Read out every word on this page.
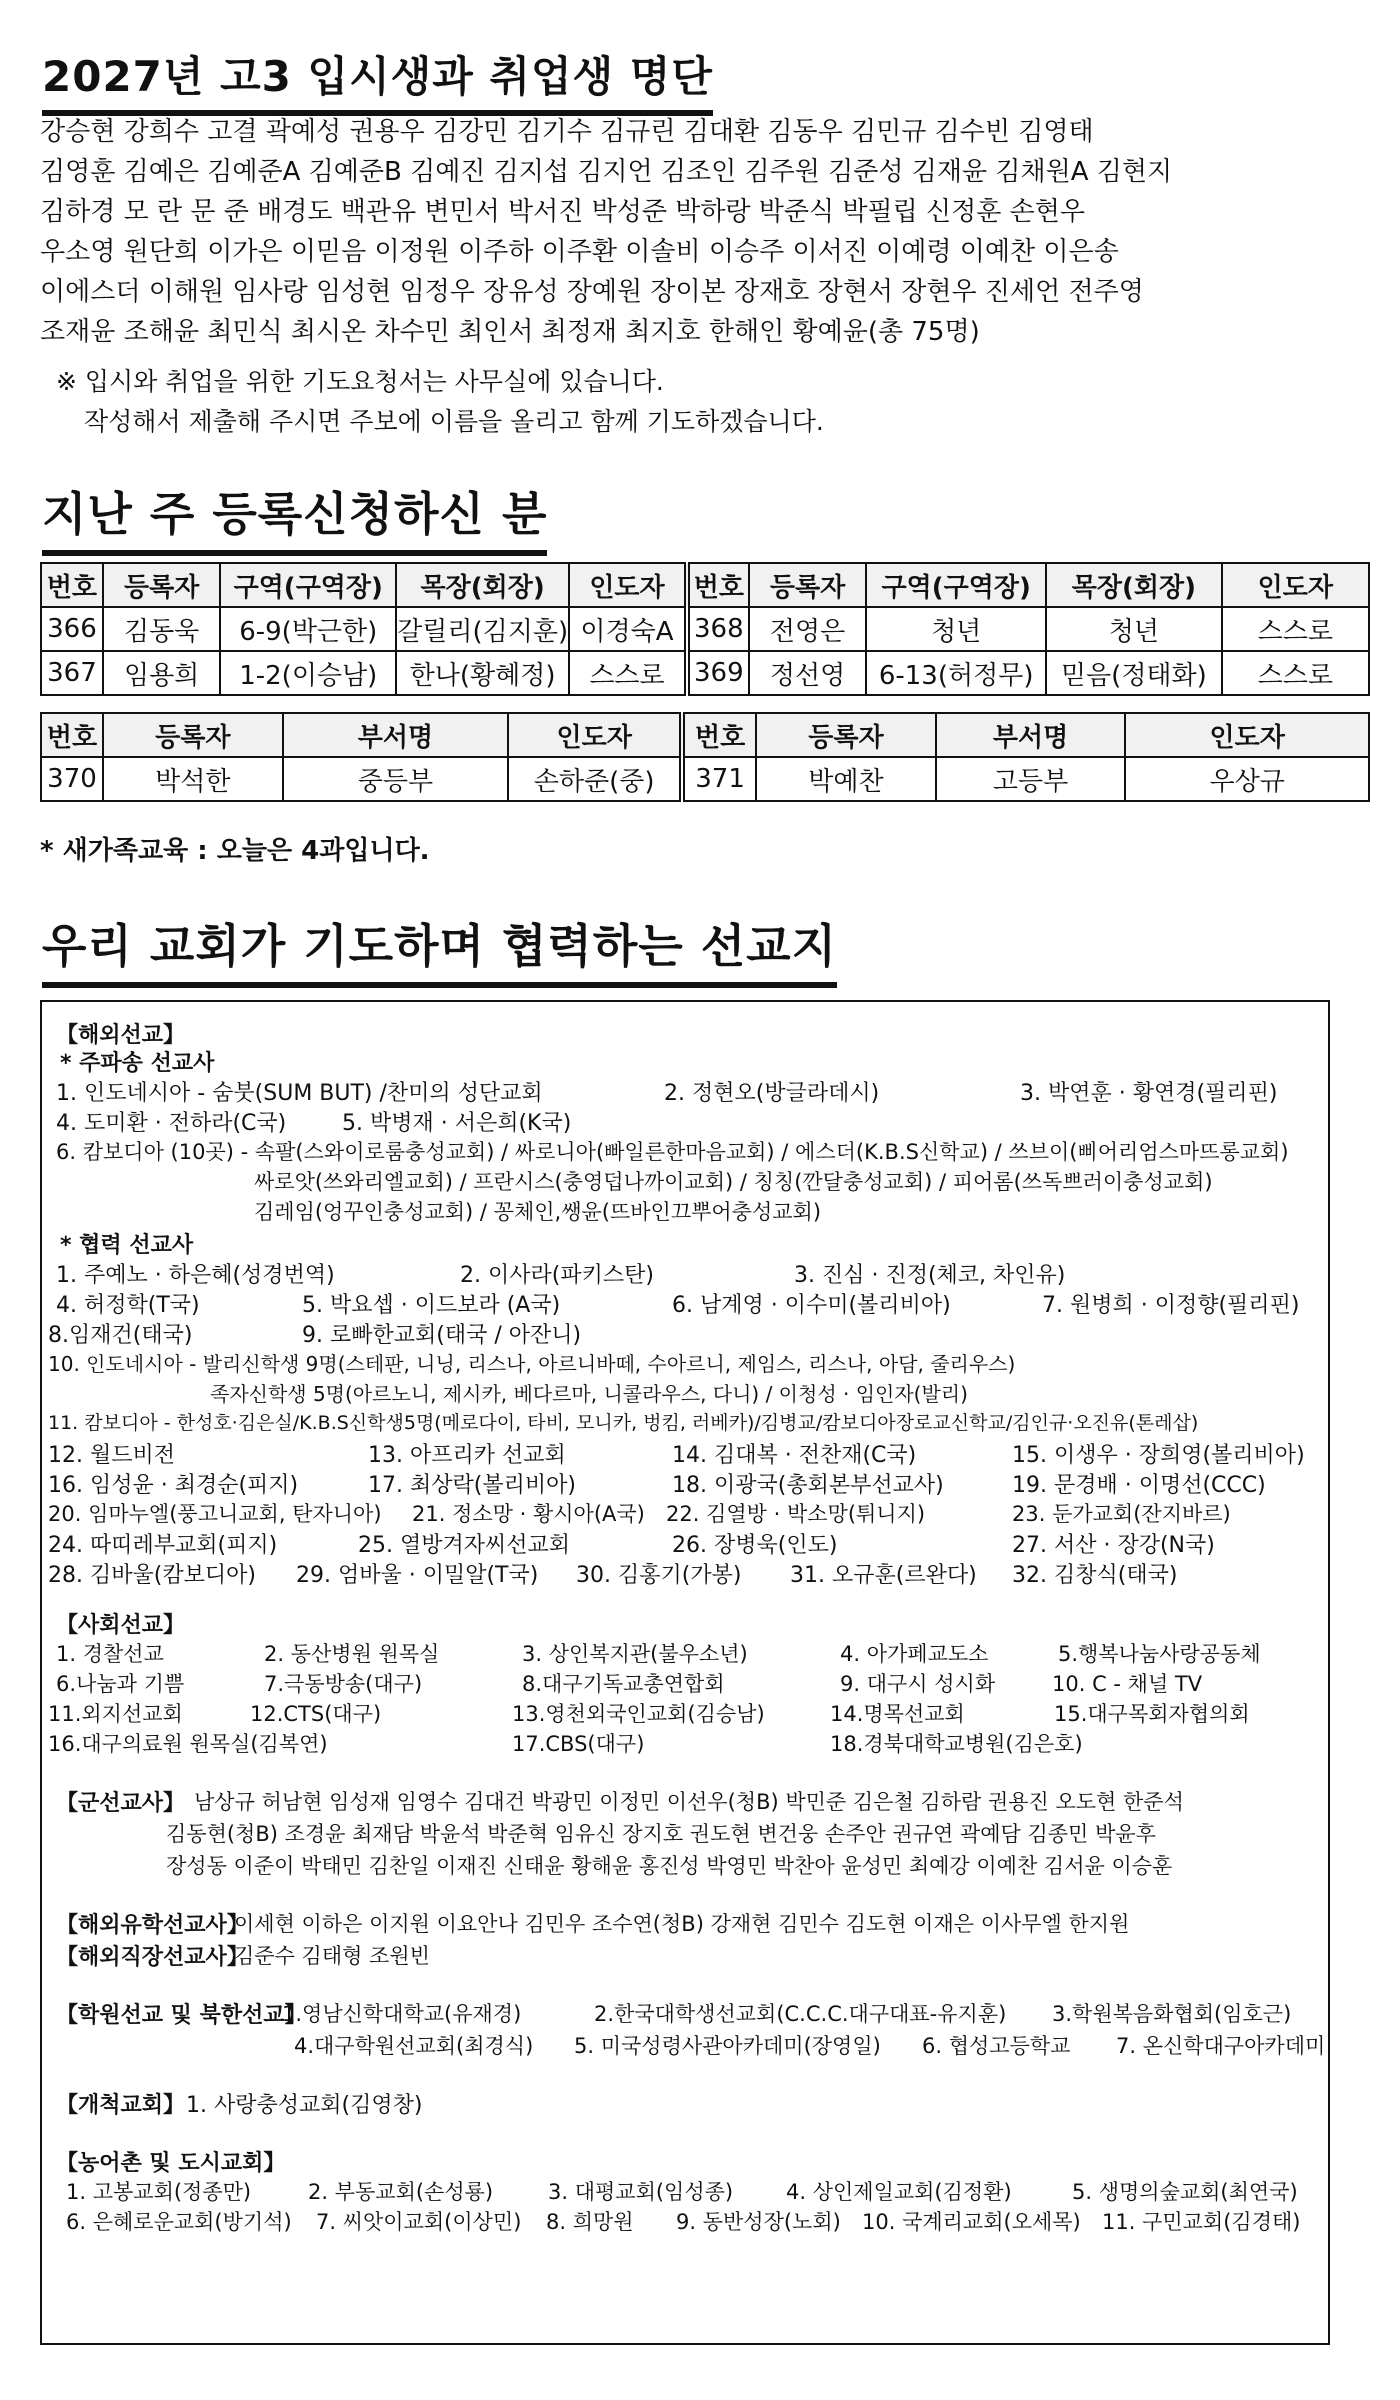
2027년 고3 입시생과 취업생 명단
강승현 강희수 고결 곽예성 권용우 김강민 김기수 김규린 김대환 김동우 김민규 김수빈 김영태
김영훈 김예은 김예준A 김예준B 김예진 김지섭 김지언 김조인 김주원 김준성 김재윤 김채원A 김현지
김하경 모 란 문 준 배경도 백관유 변민서 박서진 박성준 박하랑 박준식 박필립 신정훈 손현우
우소영 원단희 이가은 이믿음 이정원 이주하 이주환 이솔비 이승주 이서진 이예령 이예찬 이은송
이에스더 이해원 임사랑 임성현 임정우 장유성 장예원 장이본 장재호 장현서 장현우 진세언 전주영
조재윤 조해윤 최민식 최시온 차수민 최인서 최정재 최지호 한해인 황예윤(총 75명)
※ 입시와 취업을 위한 기도요청서는 사무실에 있습니다.
작성해서 제출해 주시면 주보에 이름을 올리고 함께 기도하겠습니다.
지난 주 등록신청하신 분
번호	등록자	구역(구역장)	목장(회장)	인도자	번호	등록자	구역(구역장)	목장(회장)	인도자
366	김동욱	6-9(박근한)	갈릴리(김지훈)	이경숙A	368	전영은	청년	청년	스스로
367	임용희	1-2(이승남)	한나(황혜정)	스스로	369	정선영	6-13(허정무)	믿음(정태화)	스스로
번호	등록자	부서명	인도자	번호	등록자	부서명	인도자
370	박석한	중등부	손하준(중)	371	박예찬	고등부	우상규
* 새가족교육 : 오늘은 4과입니다.
우리 교회가 기도하며 협력하는 선교지
【해외선교】
* 주파송 선교사
1. 인도네시아 - 숨붓(SUM BUT) /찬미의 성단교회	2. 정현오(방글라데시)	3. 박연훈 · 황연경(필리핀)
4. 도미환 · 전하라(C국)	5. 박병재 · 서은희(K국)
6. 캄보디아 (10곳) - 속팔(스와이로룸충성교회) / 싸로니아(빠일른한마음교회) / 에스더(K.B.S신학교) / 쓰브이(삐어리엄스마뜨롱교회)
싸로앗(쓰와리엘교회) / 프란시스(충영덥나까이교회) / 칭칭(깐달충성교회) / 피어롬(쓰독쁘러이충성교회)
김레임(엉꾸인충성교회) / 꽁체인,쌩윤(뜨바인끄뿌어충성교회)
* 협력 선교사
1. 주예노 · 하은혜(성경번역)	2. 이사라(파키스탄)	3. 진심 · 진정(체코, 차인유)
4. 허정학(T국)	5. 박요셉 · 이드보라 (A국)	6. 남계영 · 이수미(볼리비아)	7. 원병희 · 이정향(필리핀)
8.임재건(태국)	9. 로빠한교회(태국 / 아잔니)
10. 인도네시아 - 발리신학생 9명(스테판, 니닝, 리스나, 아르니바떼, 수아르니, 제임스, 리스나, 아담, 줄리우스)
족자신학생 5명(아르노니, 제시카, 베다르마, 니콜라우스, 다니) / 이청성 · 임인자(발리)
11. 캄보디아 - 한성호·김은실/K.B.S신학생5명(메로다이, 타비, 모니카, 벙킴, 러베카)/김병교/캄보디아장로교신학교/김인규·오진유(톤레삽)
12. 월드비전	13. 아프리카 선교회	14. 김대복 · 전찬재(C국)	15. 이생우 · 장희영(볼리비아)
16. 임성윤 · 최경순(피지)	17. 최상락(볼리비아)	18. 이광국(총회본부선교사)	19. 문경배 · 이명선(CCC)
20. 임마누엘(풍고니교회, 탄자니아) 21. 정소망 · 황시아(A국) 22. 김열방 · 박소망(튀니지)	23. 둔가교회(잔지바르)
24. 따띠레부교회(피지)	25. 열방겨자씨선교회	26. 장병욱(인도)	27. 서산 · 장강(N국)
28. 김바울(캄보디아) 29. 엄바울 · 이밀알(T국) 30. 김홍기(가봉) 31. 오규훈(르완다) 32. 김창식(태국)
【사회선교】
1. 경찰선교	2. 동산병원 원목실	3. 상인복지관(불우소년)	4. 아가페교도소	5.행복나눔사랑공동체
6.나눔과 기쁨	7.극동방송(대구)	8.대구기독교총연합회	9. 대구시 성시화	10. C - 채널 TV
11.외지선교회	12.CTS(대구)	13.영천외국인교회(김승남)	14.명목선교회	15.대구목회자협의회
16.대구의료원 원목실(김복연)	17.CBS(대구)	18.경북대학교병원(김은호)
【군선교사】 남상규 허남현 임성재 임영수 김대건 박광민 이정민 이선우(청B) 박민준 김은철 김하람 권용진 오도현 한준석
김동현(청B) 조경윤 최재담 박윤석 박준혁 임유신 장지호 권도현 변건웅 손주안 권규연 곽예담 김종민 박윤후
장성동 이준이 박태민 김찬일 이재진 신태윤 황해윤 홍진성 박영민 박찬아 윤성민 최예강 이예찬 김서윤 이승훈
【해외유학선교사】
이세현 이하은 이지원 이요안나 김민우 조수연(청B) 강재현 김민수 김도현 이재은 이사무엘 한지원
【해외직장선교사】
김준수 김태형 조원빈
【학원선교 및 북한선교】
1.영남신학대학교(유재경)	2.한국대학생선교회(C.C.C.대구대표-유지훈) 3.학원복음화협회(임호근)
4.대구학원선교회(최경식) 5. 미국성령사관아카데미(장영일) 6. 협성고등학교 7. 온신학대구아카데미
【개척교회】 1. 사랑충성교회(김영창)
【농어촌 및 도시교회】
1. 고봉교회(정종만)	2. 부동교회(손성룡)	3. 대평교회(임성종)	4. 상인제일교회(김정환)	5. 생명의숲교회(최연국)
6. 은혜로운교회(방기석) 7. 씨앗이교회(이상민) 8. 희망원 9. 동반성장(노회) 10. 국계리교회(오세목) 11. 구민교회(김경태)
